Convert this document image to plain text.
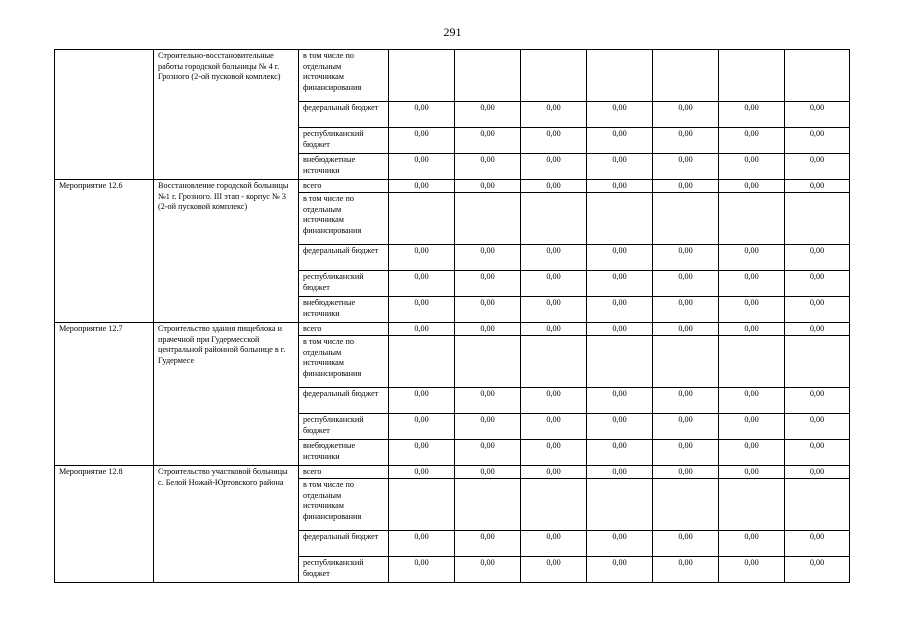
291
	Строительно-восстановительные работы городской больницы № 4 г. Грозного (2-ой пусковой комплекс)	в том числе по отдельным источникам финансирования							
		федеральный бюджет	0,00	0,00	0,00	0,00	0,00	0,00	0,00
		республиканский бюджет	0,00	0,00	0,00	0,00	0,00	0,00	0,00
		внебюджетные источники	0,00	0,00	0,00	0,00	0,00	0,00	0,00
Мероприятие 12.6	Восстановление городской больницы №1 г. Грозного. III этап - корпус № 3 (2-ой пусковой комплекс)	всего	0,00	0,00	0,00	0,00	0,00	0,00	0,00
		в том числе по отдельным источникам финансирования							
		федеральный бюджет	0,00	0,00	0,00	0,00	0,00	0,00	0,00
		республиканский бюджет	0,00	0,00	0,00	0,00	0,00	0,00	0,00
		внебюджетные источники	0,00	0,00	0,00	0,00	0,00	0,00	0,00
Мероприятие 12.7	Строительство здания пищеблока и прачечной при Гудермесской центральной районной больнице в г. Гудермесе	всего	0,00	0,00	0,00	0,00	0,00	0,00	0,00
		в том числе по отдельным источникам финансирования							
		федеральный бюджет	0,00	0,00	0,00	0,00	0,00	0,00	0,00
		республиканский бюджет	0,00	0,00	0,00	0,00	0,00	0,00	0,00
		внебюджетные источники	0,00	0,00	0,00	0,00	0,00	0,00	0,00
Мероприятие 12.8	Строительство участковой больницы с. Белой Ножай-Юртовского района	всего	0,00	0,00	0,00	0,00	0,00	0,00	0,00
		в том числе по отдельным источникам финансирования							
		федеральный бюджет	0,00	0,00	0,00	0,00	0,00	0,00	0,00
		республиканский бюджет	0,00	0,00	0,00	0,00	0,00	0,00	0,00
